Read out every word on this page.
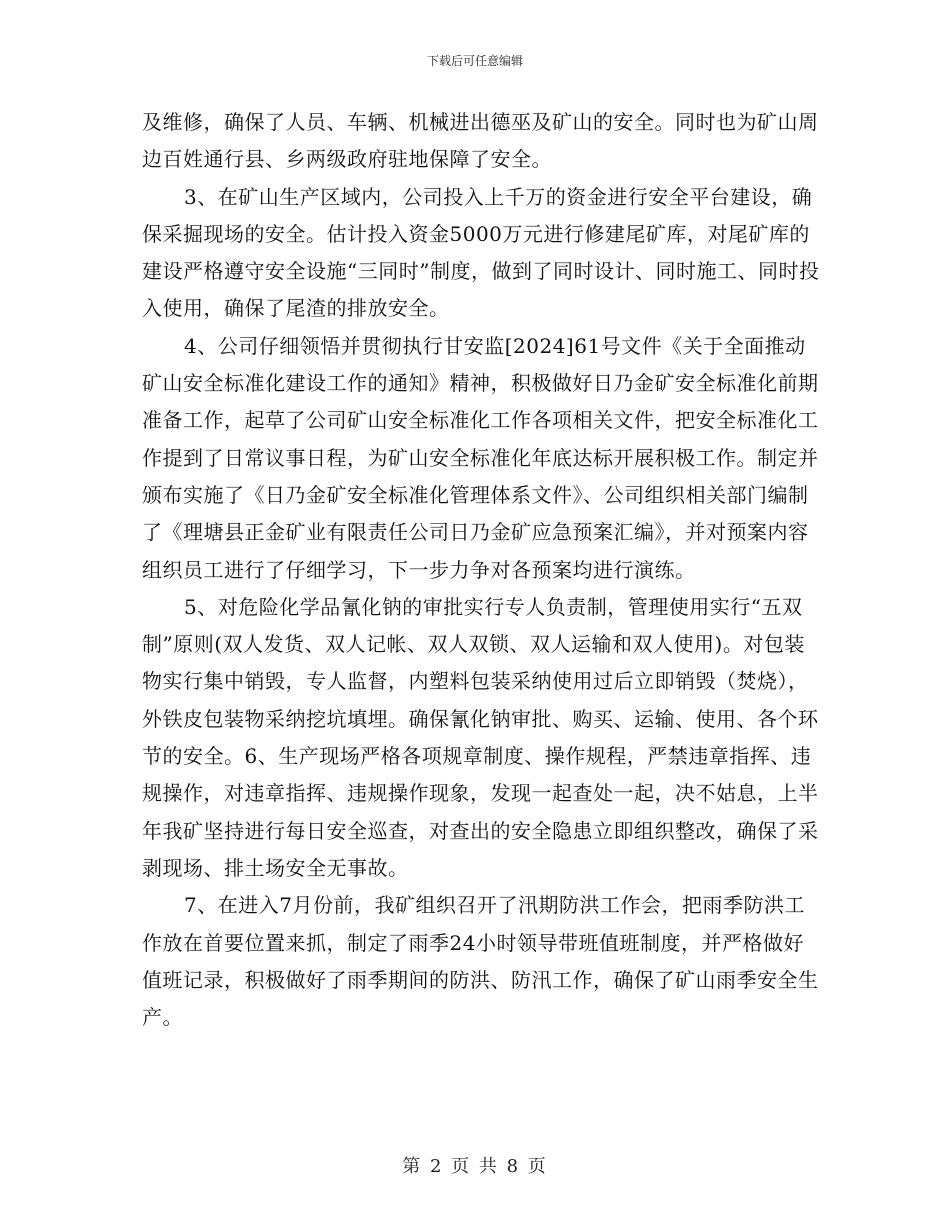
下载后可任意编辑

及维修，确保了人员、车辆、机械进出德巫及矿山的安全。同时也为矿山周边百姓通行县、乡两级政府驻地保障了安全。

3、在矿山生产区域内，公司投入上千万的资金进行安全平台建设，确保采掘现场的安全。估计投入资金5000万元进行修建尾矿库，对尾矿库的建设严格遵守安全设施“三同时”制度，做到了同时设计、同时施工、同时投入使用，确保了尾渣的排放安全。

4、公司仔细领悟并贯彻执行甘安监[2024]61号文件《关于全面推动矿山安全标准化建设工作的通知》精神，积极做好日乃金矿安全标准化前期准备工作，起草了公司矿山安全标准化工作各项相关文件，把安全标准化工作提到了日常议事日程，为矿山安全标准化年底达标开展积极工作。制定并颁布实施了《日乃金矿安全标准化管理体系文件》、公司组织相关部门编制了《理塘县正金矿业有限责任公司日乃金矿应急预案汇编》，并对预案内容组织员工进行了仔细学习，下一步力争对各预案均进行演练。

5、对危险化学品氰化钠的审批实行专人负责制，管理使用实行“五双制”原则(双人发货、双人记帐、双人双锁、双人运输和双人使用)。对包装物实行集中销毁，专人监督，内塑料包装采纳使用过后立即销毁（焚烧），外铁皮包装物采纳挖坑填埋。确保氰化钠审批、购买、运输、使用、各个环节的安全。6、生产现场严格各项规章制度、操作规程，严禁违章指挥、违规操作，对违章指挥、违规操作现象，发现一起查处一起，决不姑息，上半年我矿坚持进行每日安全巡查，对查出的安全隐患立即组织整改，确保了采剥现场、排土场安全无事故。

7、在进入7月份前，我矿组织召开了汛期防洪工作会，把雨季防洪工作放在首要位置来抓，制定了雨季24小时领导带班值班制度，并严格做好值班记录，积极做好了雨季期间的防洪、防汛工作，确保了矿山雨季安全生产。

第 2 页 共 8 页
